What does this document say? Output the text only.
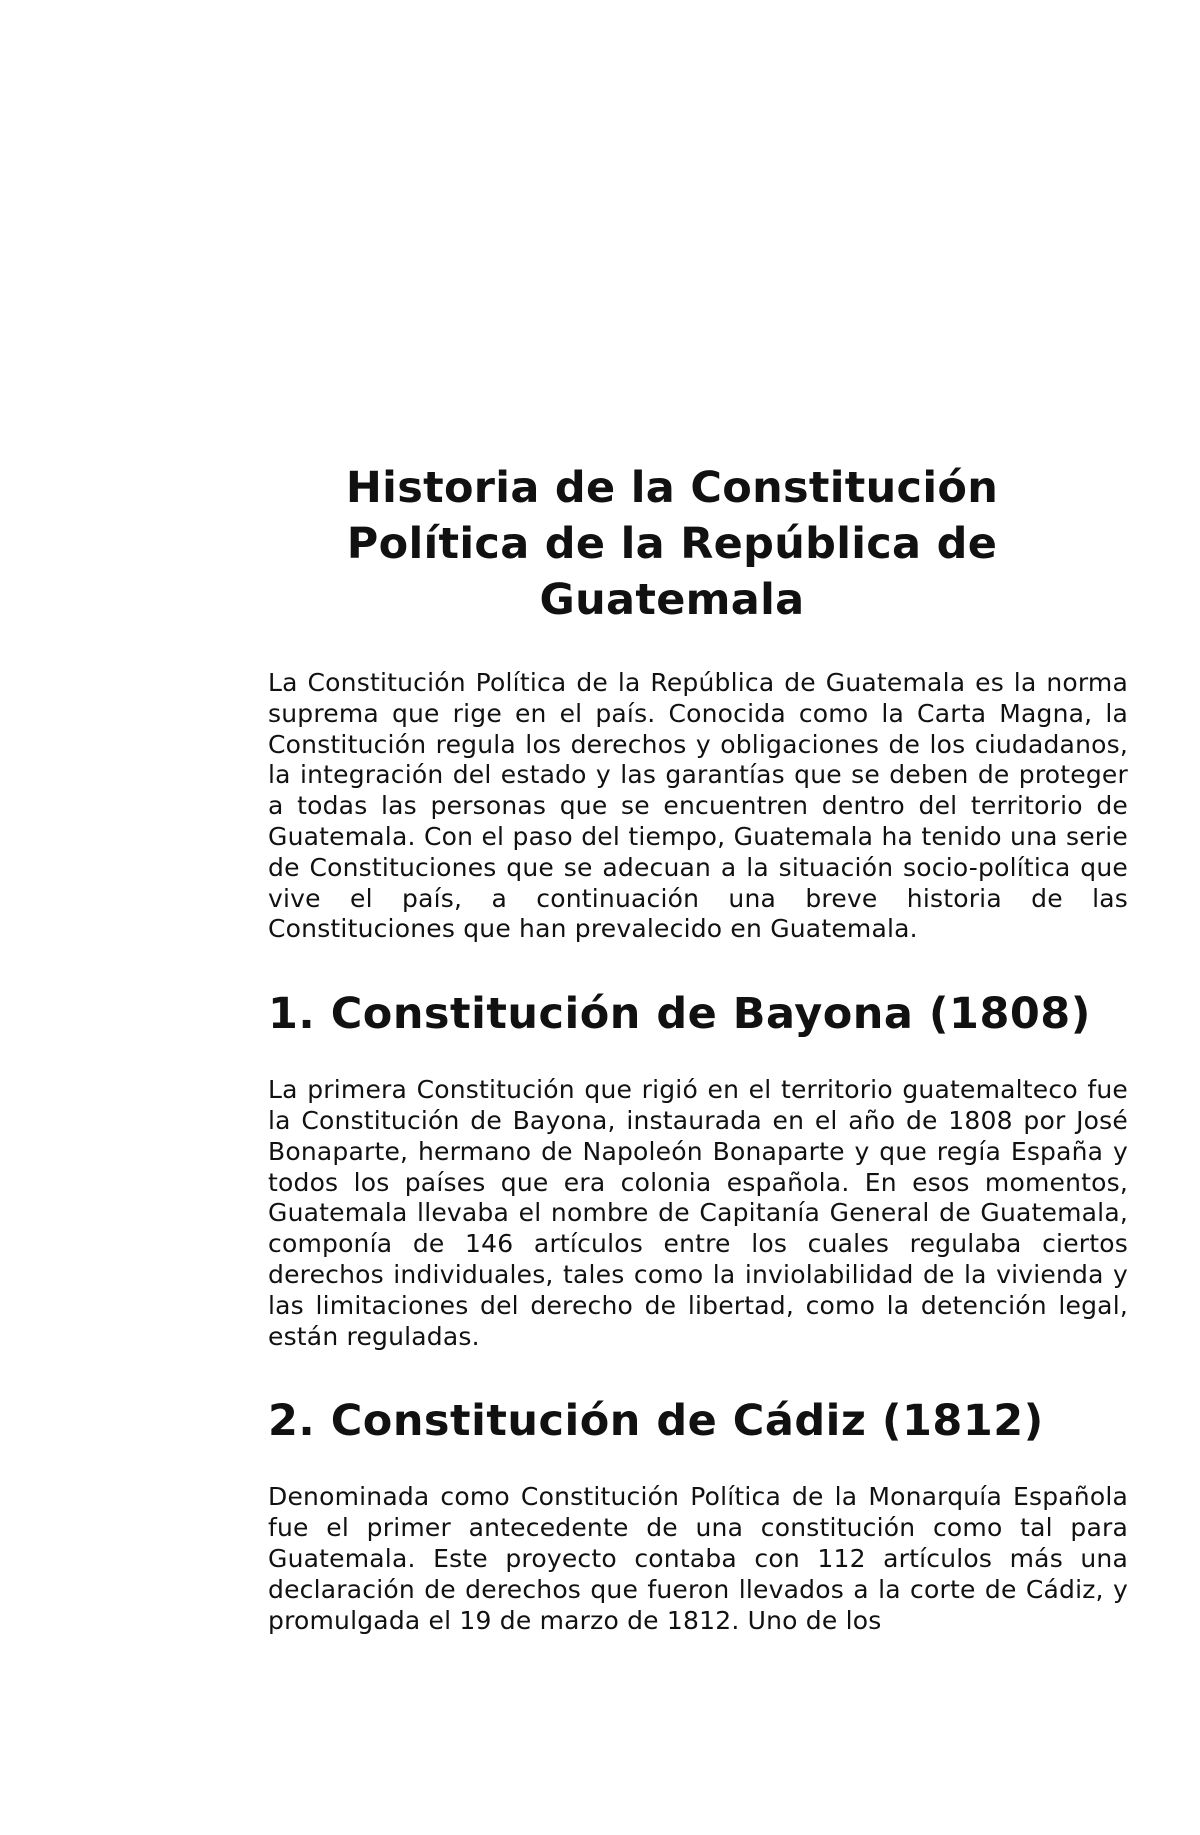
Historia de la Constitución Política de la República de Guatemala

La Constitución Política de la República de Guatemala es la norma suprema que rige en el país. Conocida como la Carta Magna, la Constitución regula los derechos y obligaciones de los ciudadanos, la integración del estado y las garantías que se deben de proteger a todas las personas que se encuentren dentro del territorio de Guatemala. Con el paso del tiempo, Guatemala ha tenido una serie de Constituciones que se adecuan a la situación socio-política que vive el país, a continuación una breve historia de las Constituciones que han prevalecido en Guatemala.

1. Constitución de Bayona (1808)

La primera Constitución que rigió en el territorio guatemalteco fue la Constitución de Bayona, instaurada en el año de 1808 por José Bonaparte, hermano de Napoleón Bonaparte y que regía España y todos los países que era colonia española. En esos momentos, Guatemala llevaba el nombre de Capitanía General de Guatemala, componía de 146 artículos entre los cuales regulaba ciertos derechos individuales, tales como la inviolabilidad de la vivienda y las limitaciones del derecho de libertad, como la detención legal, están reguladas.

2. Constitución de Cádiz (1812)

Denominada como Constitución Política de la Monarquía Española fue el primer antecedente de una constitución como tal para Guatemala. Este proyecto contaba con 112 artículos más una declaración de derechos que fueron llevados a la corte de Cádiz, y promulgada el 19 de marzo de 1812. Uno de los
